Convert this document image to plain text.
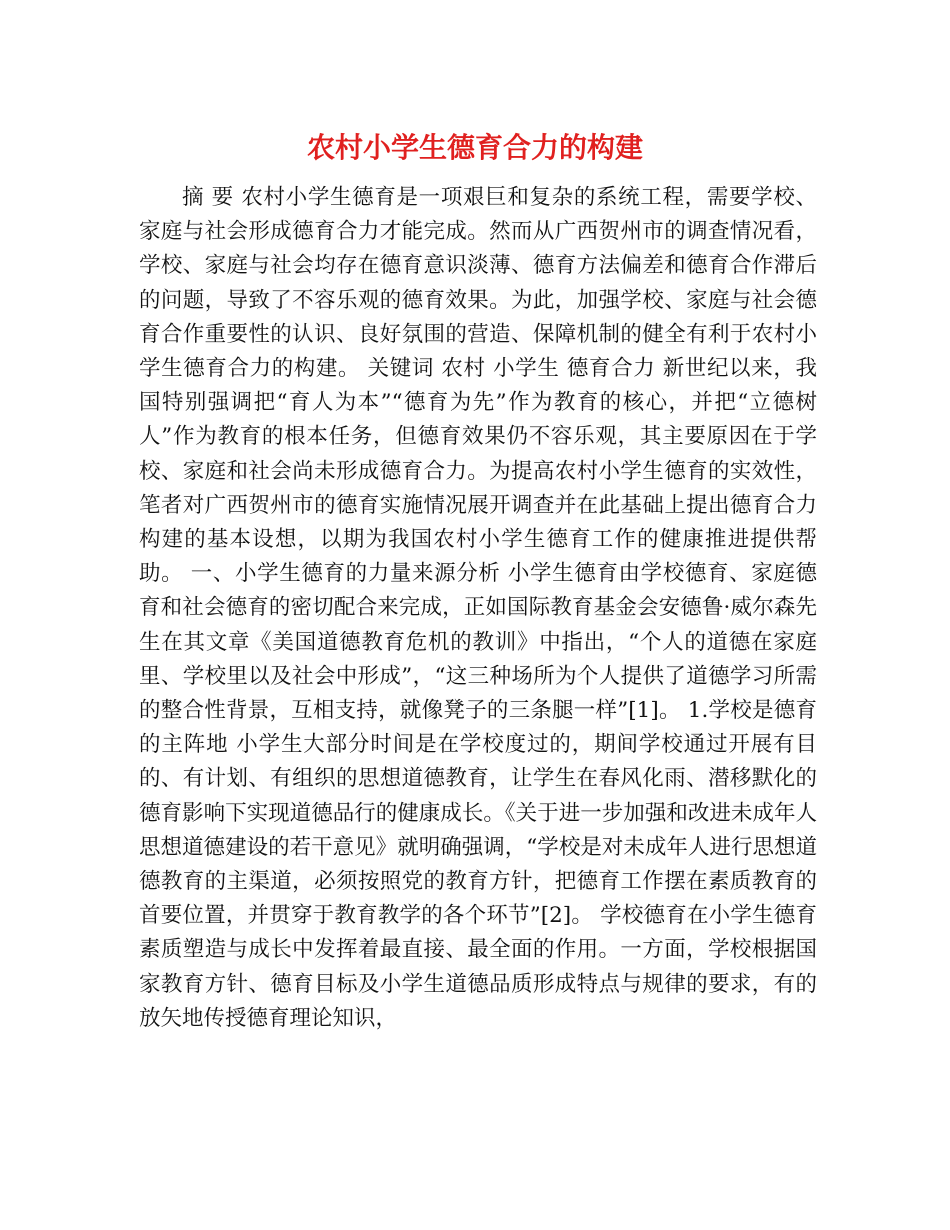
农村小学生德育合力的构建

摘 要 农村小学生德育是一项艰巨和复杂的系统工程，需要学校、家庭与社会形成德育合力才能完成。然而从广西贺州市的调查情况看，学校、家庭与社会均存在德育意识淡薄、德育方法偏差和德育合作滞后的问题，导致了不容乐观的德育效果。为此，加强学校、家庭与社会德育合作重要性的认识、良好氛围的营造、保障机制的健全有利于农村小学生德育合力的构建。 关键词 农村 小学生 德育合力 新世纪以来，我国特别强调把“育人为本”“德育为先”作为教育的核心，并把“立德树人”作为教育的根本任务，但德育效果仍不容乐观，其主要原因在于学校、家庭和社会尚未形成德育合力。为提高农村小学生德育的实效性，笔者对广西贺州市的德育实施情况展开调查并在此基础上提出德育合力构建的基本设想，以期为我国农村小学生德育工作的健康推进提供帮助。 一、小学生德育的力量来源分析 小学生德育由学校德育、家庭德育和社会德育的密切配合来完成，正如国际教育基金会安德鲁·威尔森先生在其文章《美国道德教育危机的教训》中指出，“个人的道德在家庭里、学校里以及社会中形成”，“这三种场所为个人提供了道德学习所需的整合性背景，互相支持，就像凳子的三条腿一样”[1]。 1.学校是德育的主阵地 小学生大部分时间是在学校度过的，期间学校通过开展有目的、有计划、有组织的思想道德教育，让学生在春风化雨、潜移默化的德育影响下实现道德品行的健康成长。《关于进一步加强和改进未成年人思想道德建设的若干意见》就明确强调，“学校是对未成年人进行思想道德教育的主渠道，必须按照党的教育方针，把德育工作摆在素质教育的首要位置，并贯穿于教育教学的各个环节”[2]。 学校德育在小学生德育素质塑造与成长中发挥着最直接、最全面的作用。一方面，学校根据国家教育方针、德育目标及小学生道德品质形成特点与规律的要求，有的放矢地传授德育理论知识，
